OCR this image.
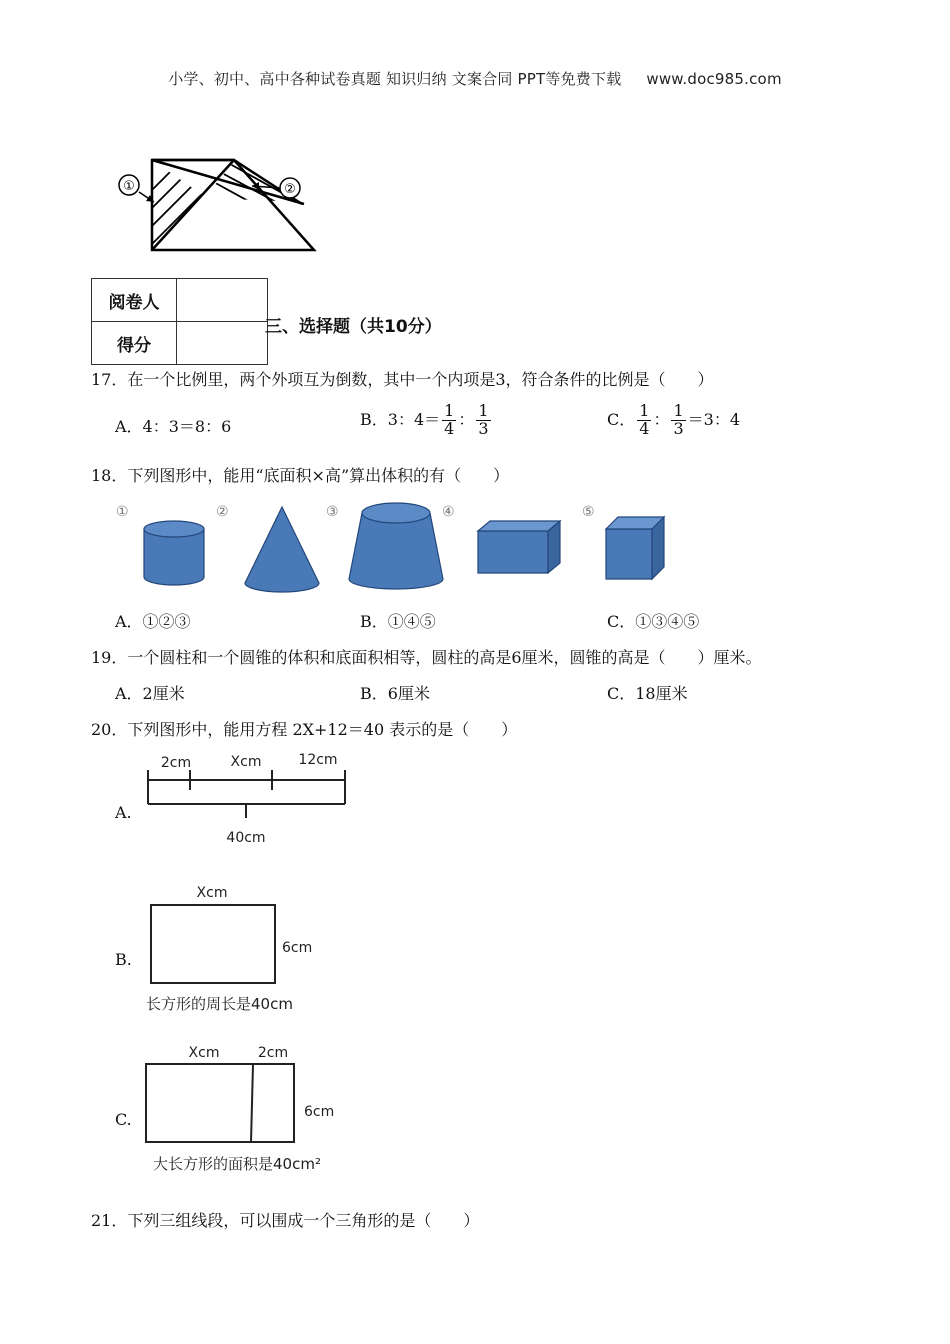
小学、初中、高中各种试卷真题 知识归纳 文案合同 PPT等免费下载 www.doc985.com
①	②
阅卷人	
得分	
三、选择题（共10分）
17．在一个比例里，两个外项互为倒数，其中一个内项是3，符合条件的比例是（　　）
A．4：3＝8：6	B．3：$4= \frac{1}{4}$ ： $\frac{1}{3}$	C． $\frac{1}{4}$ ： $\frac{1}{3} =3$：4
18．下列图形中，能用“底面积×高”算出体积的有（　　）
①	②	③	④	⑤
A．①②③	B．①④⑤	C．①③④⑤
19．一个圆柱和一个圆锥的体积和底面积相等，圆柱的高是6厘米，圆锥的高是（　　）厘米。
A．2厘米	B．6厘米	C．18厘米
20．下列图形中，能用方程 2X+12＝40 表示的是（　　）
A.
2cm	Xcm	12cm
40cm
B.
Xcm
6cm
长方形的周长是40cm
C.
Xcm	2cm
6cm
大长方形的面积是40cm²
21．下列三组线段，可以围成一个三角形的是（　　）
